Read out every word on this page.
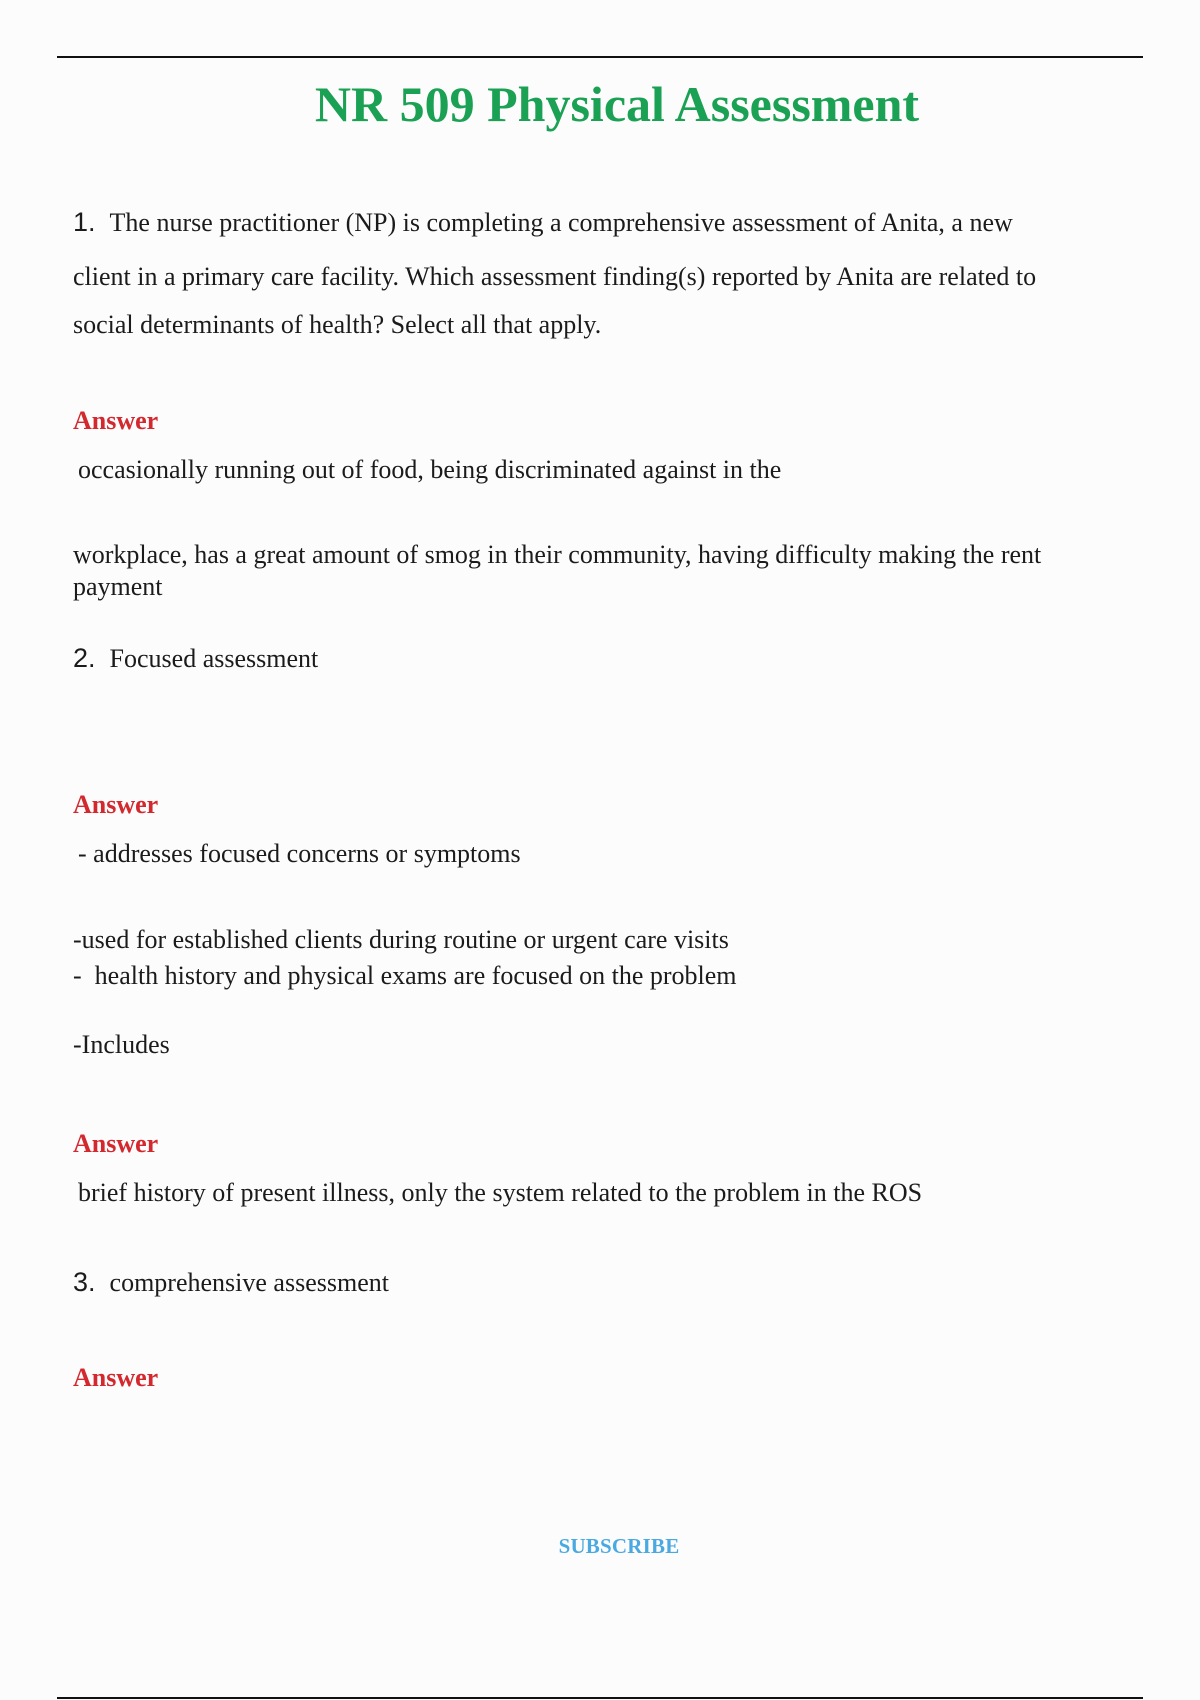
NR 509 Physical Assessment
1. The nurse practitioner (NP) is completing a comprehensive assessment of Anita, a new
client in a primary care facility. Which assessment finding(s) reported by Anita are related to
social determinants of health? Select all that apply.
Answer
occasionally running out of food, being discriminated against in the
workplace, has a great amount of smog in their community, having difficulty making the rent payment
2. Focused assessment
Answer
- addresses focused concerns or symptoms
-used for established clients during routine or urgent care visits
-  health history and physical exams are focused on the problem
-Includes
Answer
brief history of present illness, only the system related to the problem in the ROS
3. comprehensive assessment
Answer
SUBSCRIBE
